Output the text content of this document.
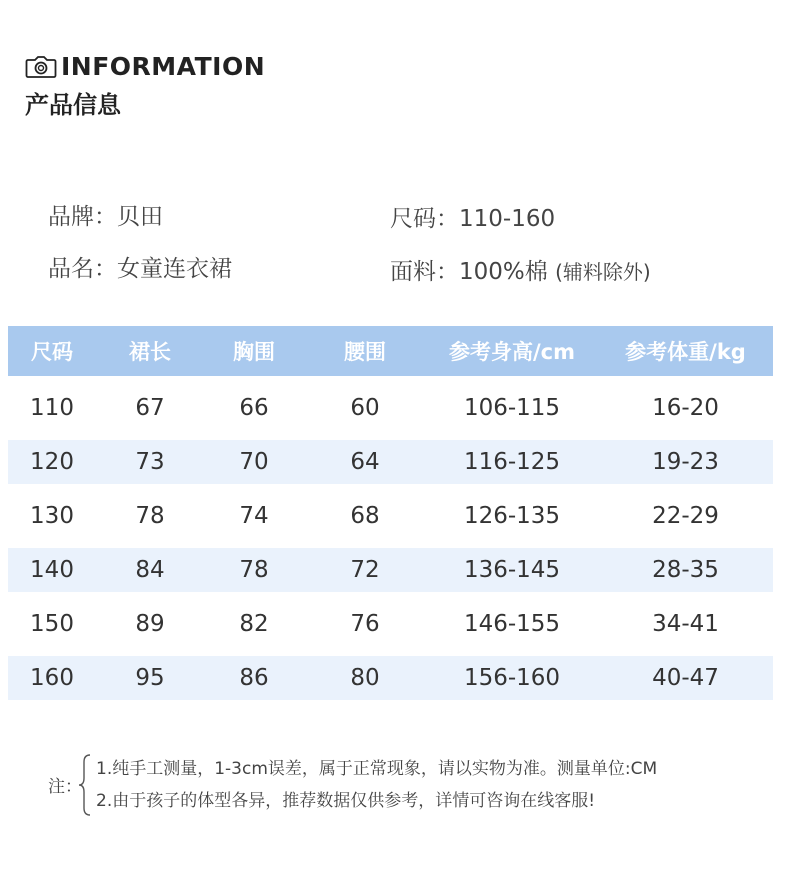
INFORMATION
产品信息
品牌：贝田
品名：女童连衣裙
尺码：110-160
面料：100%棉 (辅料除外)
尺码	裙长	胸围	腰围	参考身高/cm	参考体重/kg
110	67	66	60	106-115	16-20
120	73	70	64	116-125	19-23
130	78	74	68	126-135	22-29
140	84	78	72	136-145	28-35
150	89	82	76	146-155	34-41
160	95	86	80	156-160	40-47
注：
1.纯手工测量，1-3cm误差，属于正常现象，请以实物为准。测量单位:CM
2.由于孩子的体型各异，推荐数据仅供参考，详情可咨询在线客服!
